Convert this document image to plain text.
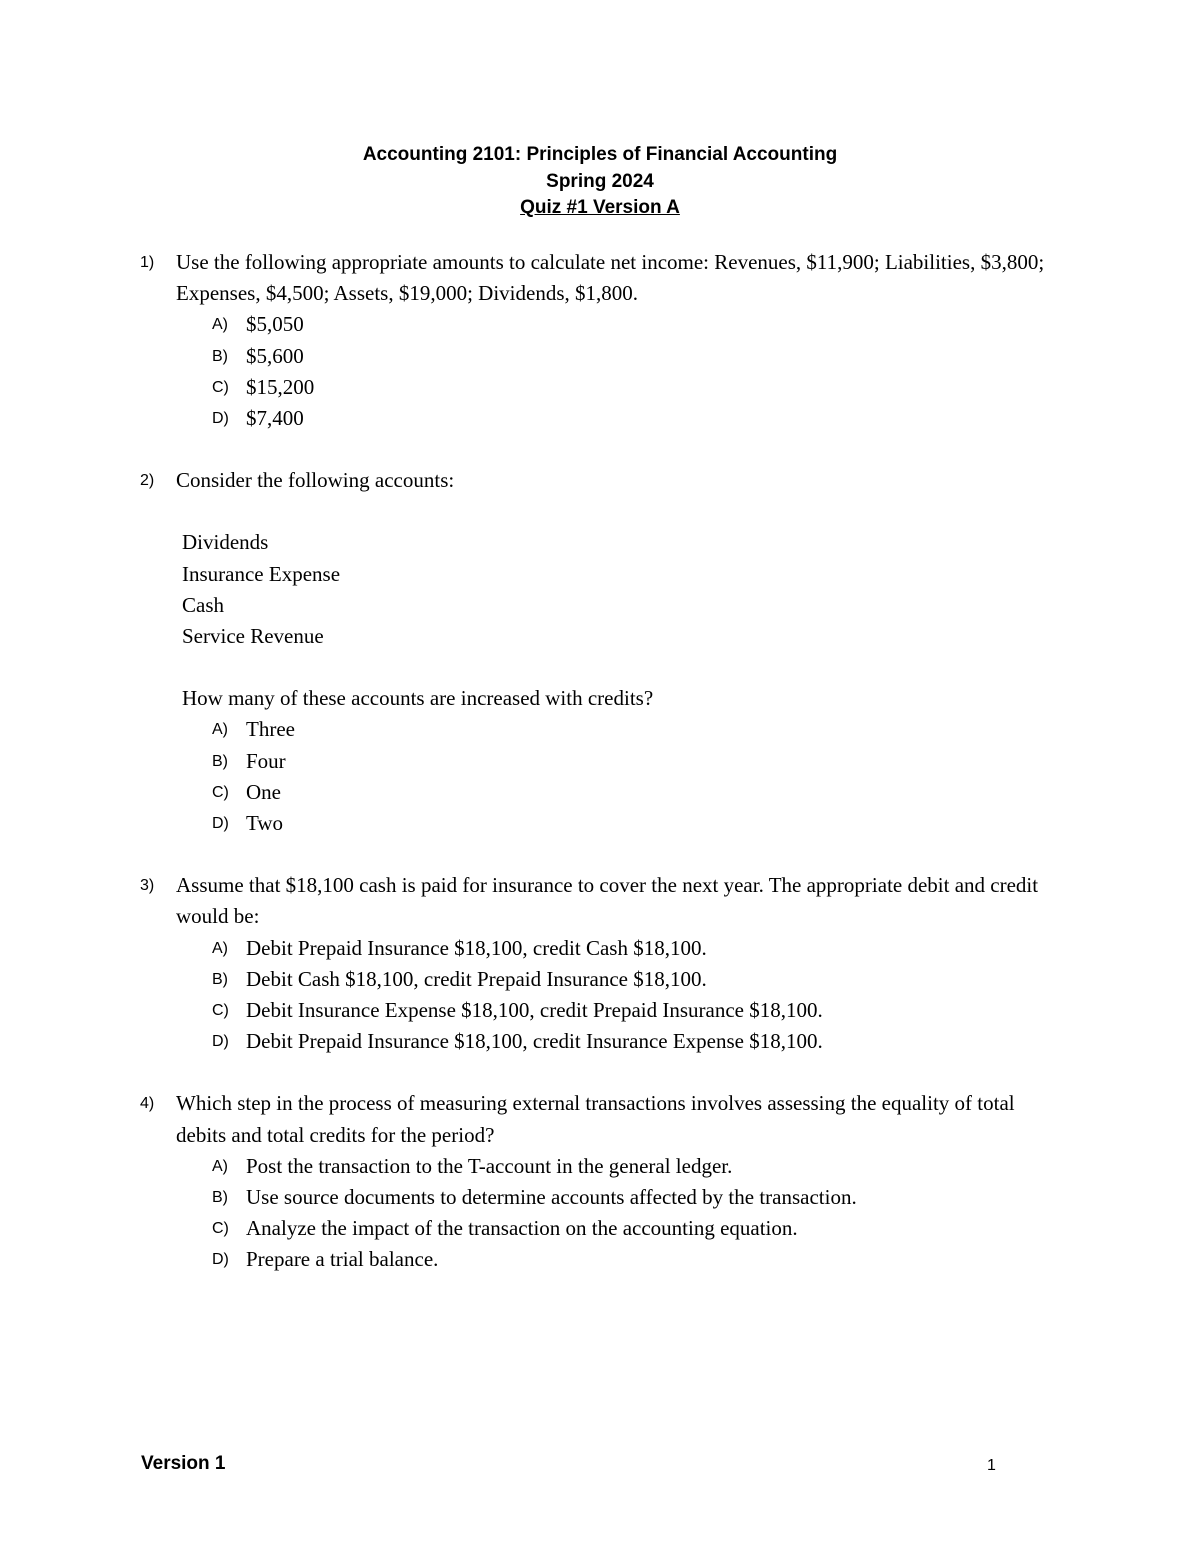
Accounting 2101: Principles of Financial Accounting
Spring 2024
Quiz #1 Version A
1) Use the following appropriate amounts to calculate net income: Revenues, $11,900; Liabilities, $3,800; Expenses, $4,500; Assets, $19,000; Dividends, $1,800.
A) $5,050
B) $5,600
C) $15,200
D) $7,400
2) Consider the following accounts:
Dividends
Insurance Expense
Cash
Service Revenue
How many of these accounts are increased with credits?
A) Three
B) Four
C) One
D) Two
3) Assume that $18,100 cash is paid for insurance to cover the next year. The appropriate debit and credit would be:
A) Debit Prepaid Insurance $18,100, credit Cash $18,100.
B) Debit Cash $18,100, credit Prepaid Insurance $18,100.
C) Debit Insurance Expense $18,100, credit Prepaid Insurance $18,100.
D) Debit Prepaid Insurance $18,100, credit Insurance Expense $18,100.
4) Which step in the process of measuring external transactions involves assessing the equality of total debits and total credits for the period?
A) Post the transaction to the T-account in the general ledger.
B) Use source documents to determine accounts affected by the transaction.
C) Analyze the impact of the transaction on the accounting equation.
D) Prepare a trial balance.
Version 1	1
